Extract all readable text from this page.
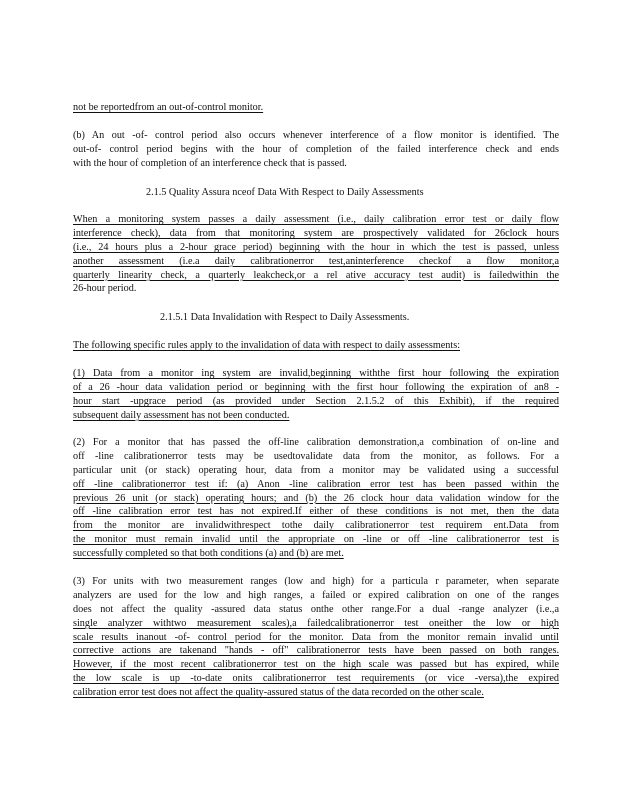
not be reportedfrom an out-of-control monitor.
(b) An out -of- control period also occurs whenever interference of a flow monitor is identified. The
out-of- control period begins with the hour of completion of the failed interference check and ends
with the hour of completion of an interference check that is passed.
2.1.5 Quality Assura nceof Data With Respect to Daily Assessments
When a monitoring system passes a daily assessment (i.e., daily calibration error test or daily flow
interference check), data from that monitoring system are prospectively validated for 26clock hours
(i.e., 24 hours plus a 2-hour grace period) beginning with the hour in which the test is passed, unless
another assessment (i.e.a daily calibrationerror test,aninterference checkof a flow monitor,a
quarterly linearity check, a quarterly leakcheck,or a rel ative accuracy test audit) is failedwithin the
26-hour period.
2.1.5.1 Data Invalidation with Respect to Daily Assessments.
The following specific rules apply to the invalidation of data with respect to daily assessments:
(1) Data from a monitor ing system are invalid,beginning withthe first hour following the expiration
of a 26 -hour data validation period or beginning with the first hour following the expiration of an8 -
hour start -upgrace period (as provided under Section 2.1.5.2 of this Exhibit), if the required
subsequent daily assessment has not been conducted.
(2) For a monitor that has passed the off-line calibration demonstration,a combination of on-line and
off -line calibrationerror tests may be usedtovalidate data from the monitor, as follows. For a
particular unit (or stack) operating hour, data from a monitor may be validated using a successful
off -line calibrationerror test if: (a) Anon -line calibration error test has been passed within the
previous 26 unit (or stack) operating hours; and (b) the 26 clock hour data validation window for the
off -line calibration error test has not expired.If either of these conditions is not met, then the data
from the monitor are invalidwithrespect tothe daily calibrationerror test requirem ent.Data from
the monitor must remain invalid until the appropriate on -line or off -line calibrationerror test is
successfully completed so that both conditions (a) and (b) are met.
(3) For units with two measurement ranges (low and high) for a particula r parameter, when separate
analyzers are used for the low and high ranges, a failed or expired calibration on one of the ranges
does not affect the quality -assured data status onthe other range.For a dual -range analyzer (i.e.,a
single analyzer withtwo measurement scales),a failedcalibrationerror test oneither the low or high
scale results inanout -of- control period for the monitor. Data from the monitor remain invalid until
corrective actions are takenand "hands - off" calibrationerror tests have been passed on both ranges.
However, if the most recent calibrationerror test on the high scale was passed but has expired, while
the low scale is up -to-date onits calibrationerror test requirements (or vice -versa),the expired
calibration error test does not affect the quality-assured status of the data recorded on the other scale.
